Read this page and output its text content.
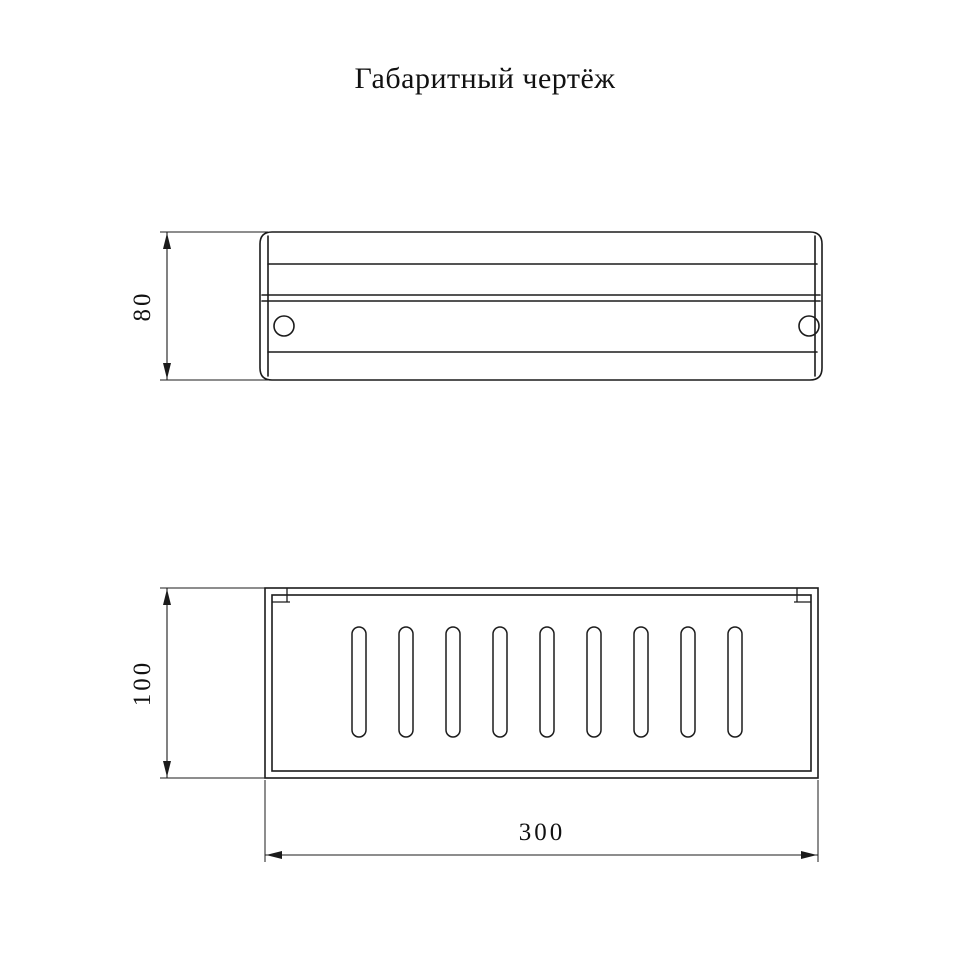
Габаритный чертёж
80
100
300
